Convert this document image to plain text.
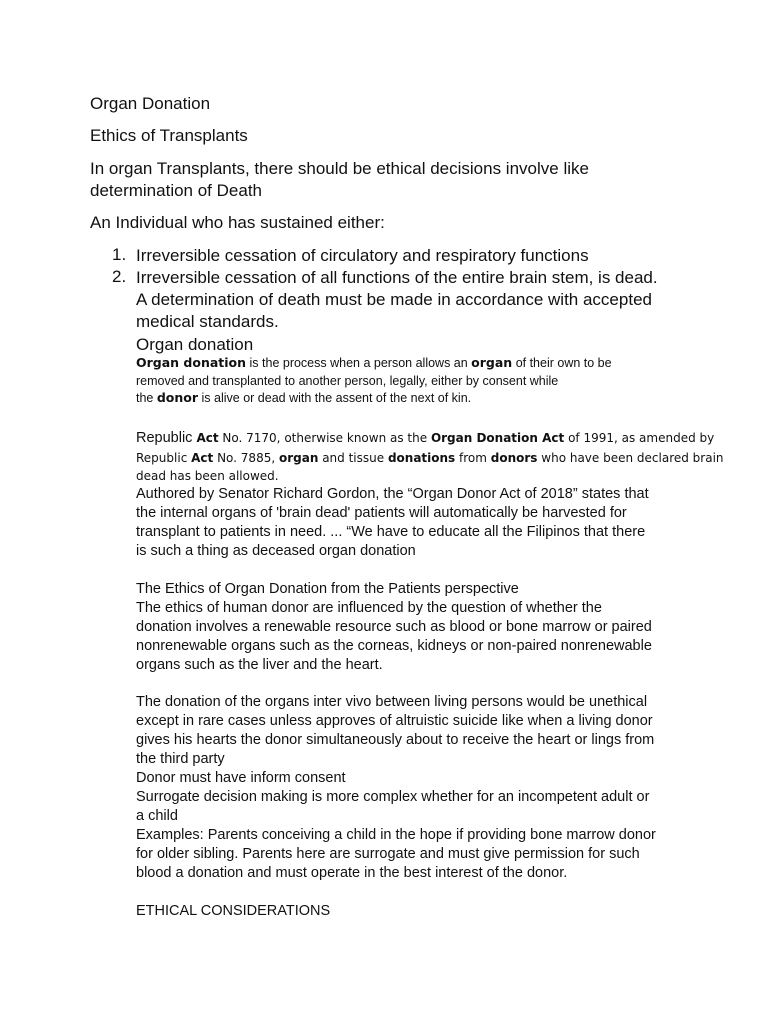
Organ Donation
Ethics of Transplants
In organ Transplants, there should be ethical decisions involve like
determination of Death
An Individual who has sustained either:
1. Irreversible cessation of circulatory and respiratory functions
2. Irreversible cessation of all functions of the entire brain stem, is dead.
A determination of death must be made in accordance with accepted
medical standards.
Organ donation
Organ donation is the process when a person allows an organ of their own to be
removed and transplanted to another person, legally, either by consent while
the donor is alive or dead with the assent of the next of kin.
Republic Act No. 7170, otherwise known as the Organ Donation Act of 1991, as amended by
Republic Act No. 7885, organ and tissue donations from donors who have been declared brain
dead has been allowed.
Authored by Senator Richard Gordon, the “Organ Donor Act of 2018” states that
the internal organs of 'brain dead' patients will automatically be harvested for
transplant to patients in need. ... “We have to educate all the Filipinos that there
is such a thing as deceased organ donation
The Ethics of Organ Donation from the Patients perspective
The ethics of human donor are influenced by the question of whether the
donation involves a renewable resource such as blood or bone marrow or paired
nonrenewable organs such as the corneas, kidneys or non-paired nonrenewable
organs such as the liver and the heart.
The donation of the organs inter vivo between living persons would be unethical
except in rare cases unless approves of altruistic suicide like when a living donor
gives his hearts the donor simultaneously about to receive the heart or lings from
the third party
Donor must have inform consent
Surrogate decision making is more complex whether for an incompetent adult or
a child
Examples: Parents conceiving a child in the hope if providing bone marrow donor
for older sibling. Parents here are surrogate and must give permission for such
blood a donation and must operate in the best interest of the donor.
ETHICAL CONSIDERATIONS
